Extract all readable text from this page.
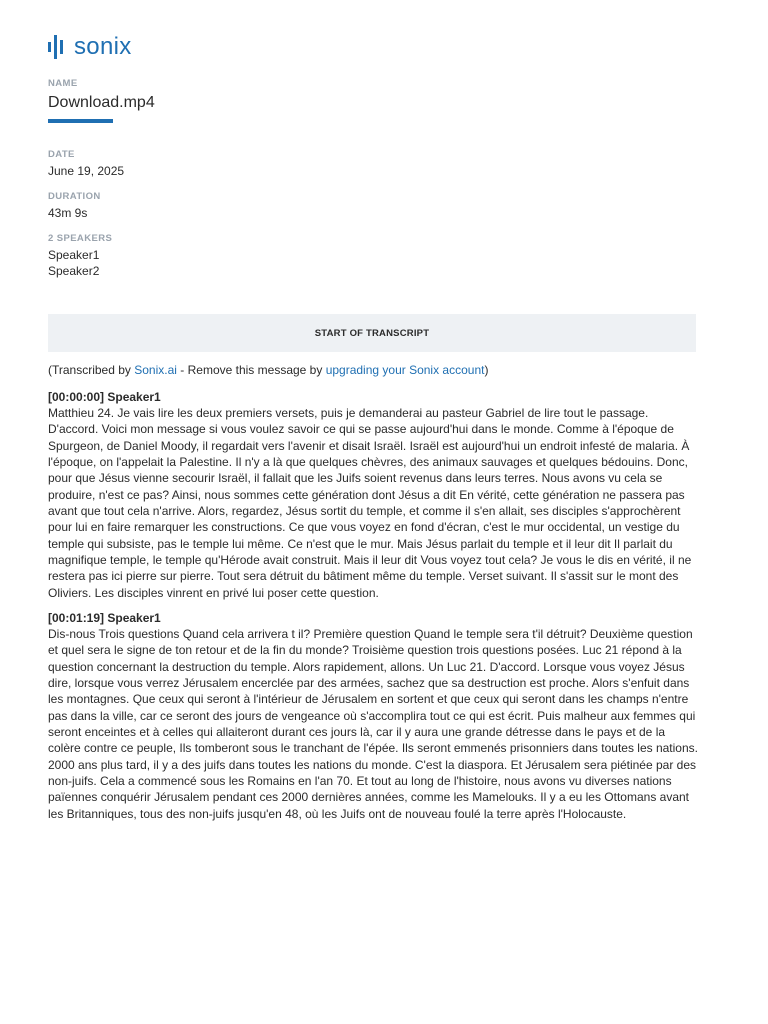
sonix
NAME
Download.mp4
DATE
June 19, 2025
DURATION
43m 9s
2 SPEAKERS
Speaker1
Speaker2
START OF TRANSCRIPT
(Transcribed by Sonix.ai - Remove this message by upgrading your Sonix account)
[00:00:00] Speaker1
Matthieu 24. Je vais lire les deux premiers versets, puis je demanderai au pasteur Gabriel de lire tout le passage. D'accord. Voici mon message si vous voulez savoir ce qui se passe aujourd'hui dans le monde. Comme à l'époque de Spurgeon, de Daniel Moody, il regardait vers l'avenir et disait Israël. Israël est aujourd'hui un endroit infesté de malaria. À l'époque, on l'appelait la Palestine. Il n'y a là que quelques chèvres, des animaux sauvages et quelques bédouins. Donc, pour que Jésus vienne secourir Israël, il fallait que les Juifs soient revenus dans leurs terres. Nous avons vu cela se produire, n'est ce pas? Ainsi, nous sommes cette génération dont Jésus a dit En vérité, cette génération ne passera pas avant que tout cela n'arrive. Alors, regardez, Jésus sortit du temple, et comme il s'en allait, ses disciples s'approchèrent pour lui en faire remarquer les constructions. Ce que vous voyez en fond d'écran, c'est le mur occidental, un vestige du temple qui subsiste, pas le temple lui même. Ce n'est que le mur. Mais Jésus parlait du temple et il leur dit Il parlait du magnifique temple, le temple qu'Hérode avait construit. Mais il leur dit Vous voyez tout cela? Je vous le dis en vérité, il ne restera pas ici pierre sur pierre. Tout sera détruit du bâtiment même du temple. Verset suivant. Il s'assit sur le mont des Oliviers. Les disciples vinrent en privé lui poser cette question.
[00:01:19] Speaker1
Dis-nous Trois questions Quand cela arrivera t il? Première question Quand le temple sera t'il détruit? Deuxième question et quel sera le signe de ton retour et de la fin du monde? Troisième question trois questions posées. Luc 21 répond à la question concernant la destruction du temple. Alors rapidement, allons. Un Luc 21. D'accord. Lorsque vous voyez Jésus dire, lorsque vous verrez Jérusalem encerclée par des armées, sachez que sa destruction est proche. Alors s'enfuit dans les montagnes. Que ceux qui seront à l'intérieur de Jérusalem en sortent et que ceux qui seront dans les champs n'entre pas dans la ville, car ce seront des jours de vengeance où s'accomplira tout ce qui est écrit. Puis malheur aux femmes qui seront enceintes et à celles qui allaiteront durant ces jours là, car il y aura une grande détresse dans le pays et de la colère contre ce peuple, Ils tomberont sous le tranchant de l'épée. Ils seront emmenés prisonniers dans toutes les nations. 2000 ans plus tard, il y a des juifs dans toutes les nations du monde. C'est la diaspora. Et Jérusalem sera piétinée par des non-juifs. Cela a commencé sous les Romains en l'an 70. Et tout au long de l'histoire, nous avons vu diverses nations païennes conquérir Jérusalem pendant ces 2000 dernières années, comme les Mamelouks. Il y a eu les Ottomans avant les Britanniques, tous des non-juifs jusqu'en 48, où les Juifs ont de nouveau foulé la terre après l'Holocauste.
